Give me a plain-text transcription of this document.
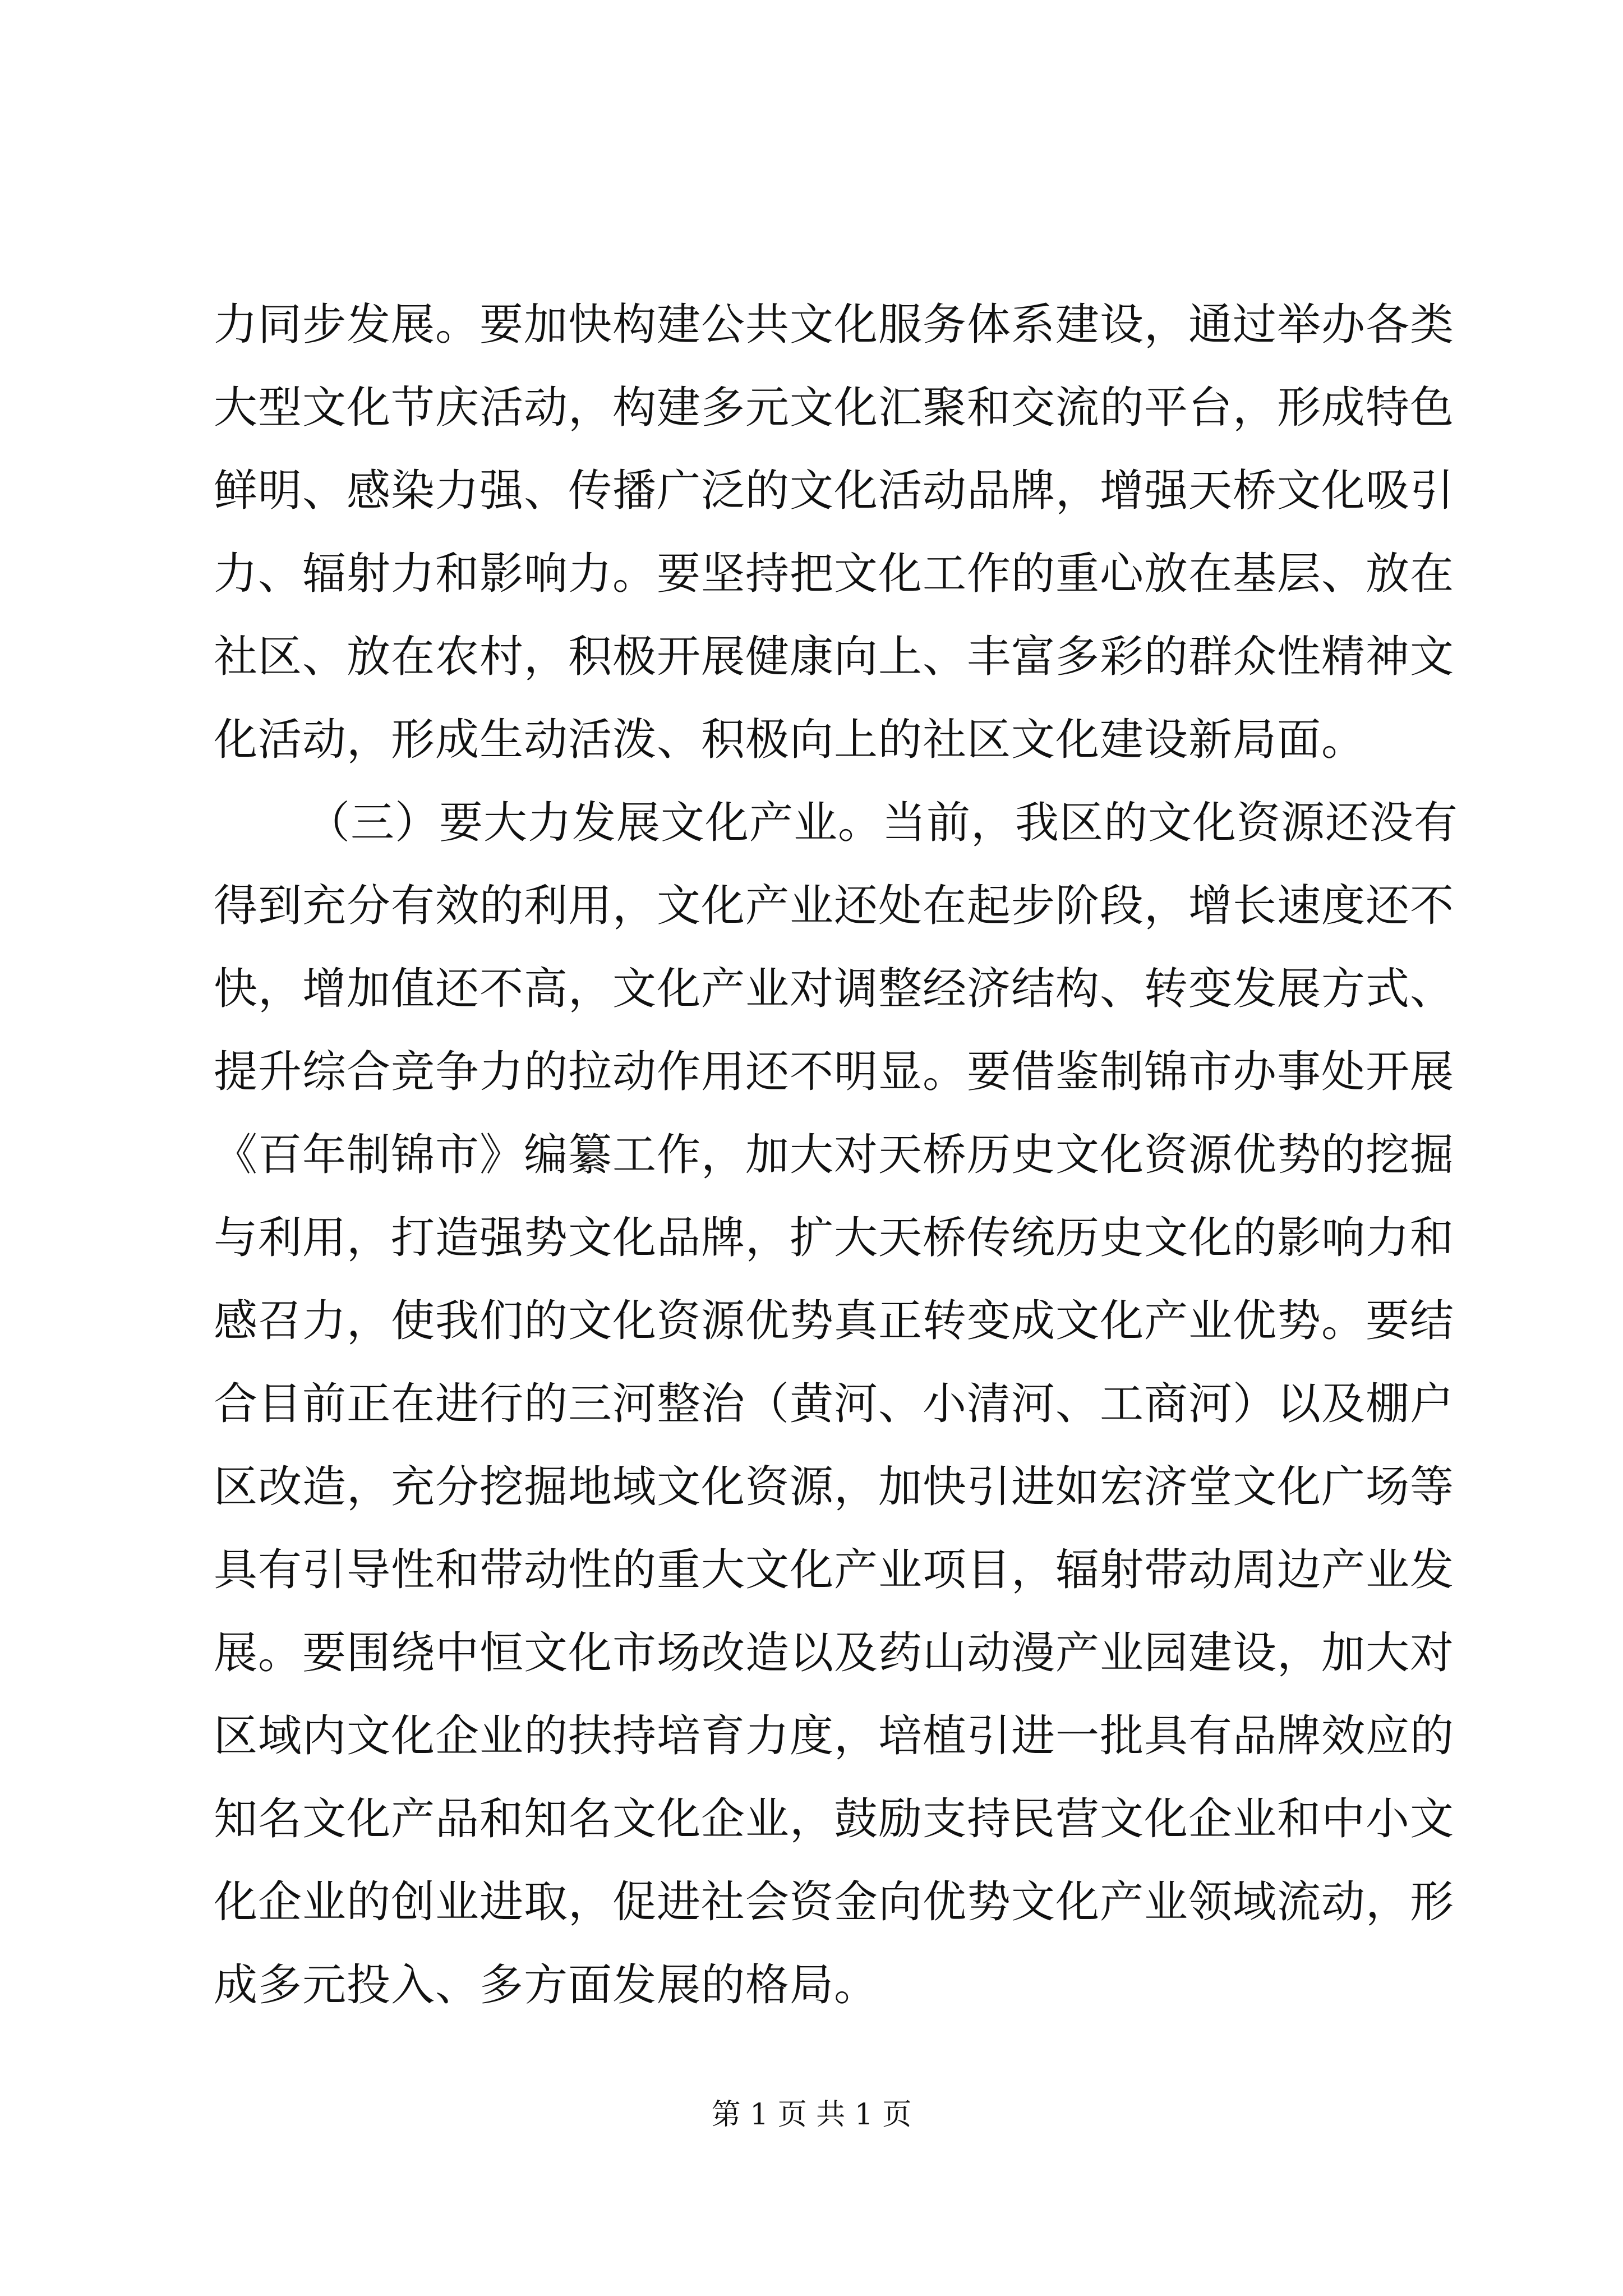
力同步发展。要加快构建公共文化服务体系建设，通过举办各类
大型文化节庆活动，构建多元文化汇聚和交流的平台，形成特色
鲜明、感染力强、传播广泛的文化活动品牌，增强天桥文化吸引
力、辐射力和影响力。要坚持把文化工作的重心放在基层、放在
社区、放在农村，积极开展健康向上、丰富多彩的群众性精神文
化活动，形成生动活泼、积极向上的社区文化建设新局面。
（三）要大力发展文化产业。当前，我区的文化资源还没有
得到充分有效的利用，文化产业还处在起步阶段，增长速度还不
快，增加值还不高，文化产业对调整经济结构、转变发展方式、
提升综合竞争力的拉动作用还不明显。要借鉴制锦市办事处开展
《百年制锦市》编纂工作，加大对天桥历史文化资源优势的挖掘
与利用，打造强势文化品牌，扩大天桥传统历史文化的影响力和
感召力，使我们的文化资源优势真正转变成文化产业优势。要结
合目前正在进行的三河整治（黄河、小清河、工商河）以及棚户
区改造，充分挖掘地域文化资源，加快引进如宏济堂文化广场等
具有引导性和带动性的重大文化产业项目，辐射带动周边产业发
展。要围绕中恒文化市场改造以及药山动漫产业园建设，加大对
区域内文化企业的扶持培育力度，培植引进一批具有品牌效应的
知名文化产品和知名文化企业，鼓励支持民营文化企业和中小文
化企业的创业进取，促进社会资金向优势文化产业领域流动，形
成多元投入、多方面发展的格局。
第 1 页 共 1 页
